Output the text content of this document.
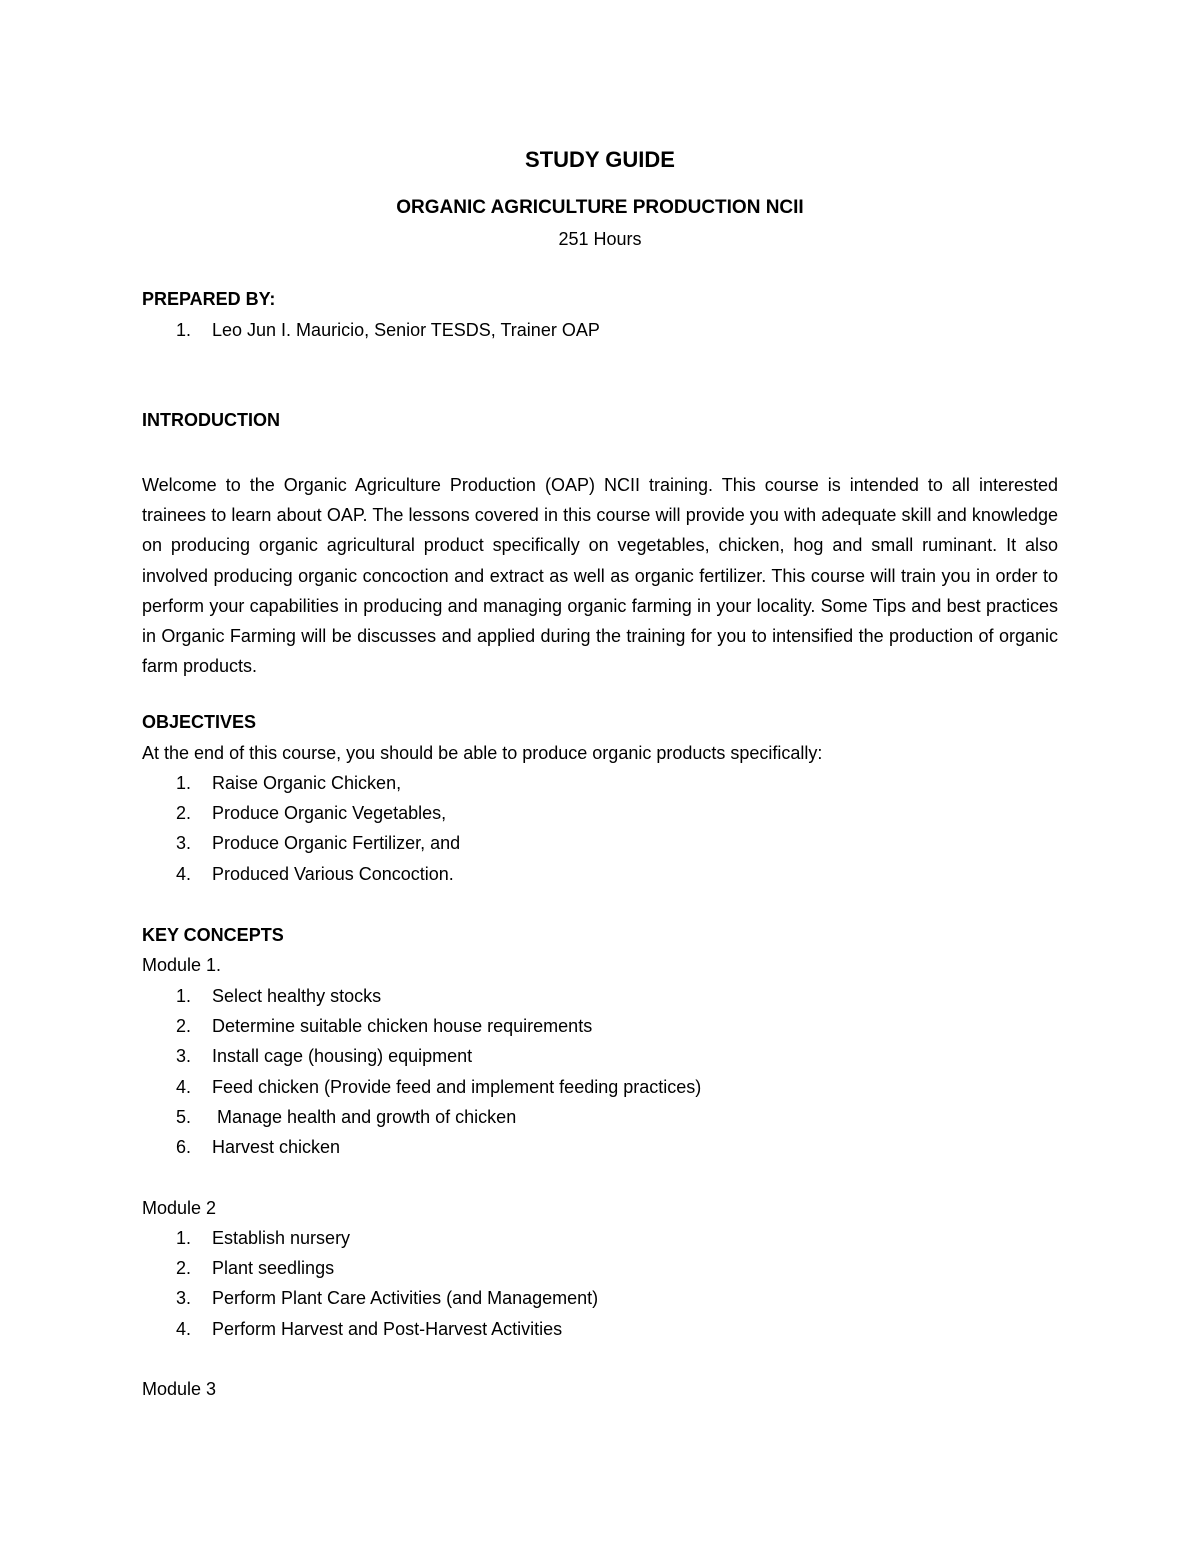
STUDY GUIDE
ORGANIC AGRICULTURE PRODUCTION NCII
251 Hours
PREPARED BY:
1.	Leo Jun I. Mauricio, Senior TESDS, Trainer OAP
INTRODUCTION

Welcome to the Organic Agriculture Production (OAP) NCII training. This course is intended to all interested trainees to learn about OAP. The lessons covered in this course will provide you with adequate skill and knowledge on producing organic agricultural product specifically on vegetables, chicken, hog and small ruminant. It also involved producing organic concoction and extract as well as organic fertilizer. This course will train you in order to perform your capabilities in producing and managing organic farming in your locality. Some Tips and best practices in Organic Farming will be discusses and applied during the training for you to intensified the production of organic farm products.

OBJECTIVES
At the end of this course, you should be able to produce organic products specifically:
1.	Raise Organic Chicken,
2.	Produce Organic Vegetables,
3.	Produce Organic Fertilizer, and
4.	Produced Various Concoction.
KEY CONCEPTS
Module 1.
1.	Select healthy stocks
2.	Determine suitable chicken house requirements
3.	Install cage (housing) equipment
4.	Feed chicken (Provide feed and implement feeding practices)
5.	Manage health and growth of chicken
6.	Harvest chicken
Module 2
1.	Establish nursery
2.	Plant seedlings
3.	Perform Plant Care Activities (and Management)
4.	Perform Harvest and Post-Harvest Activities
Module 3
